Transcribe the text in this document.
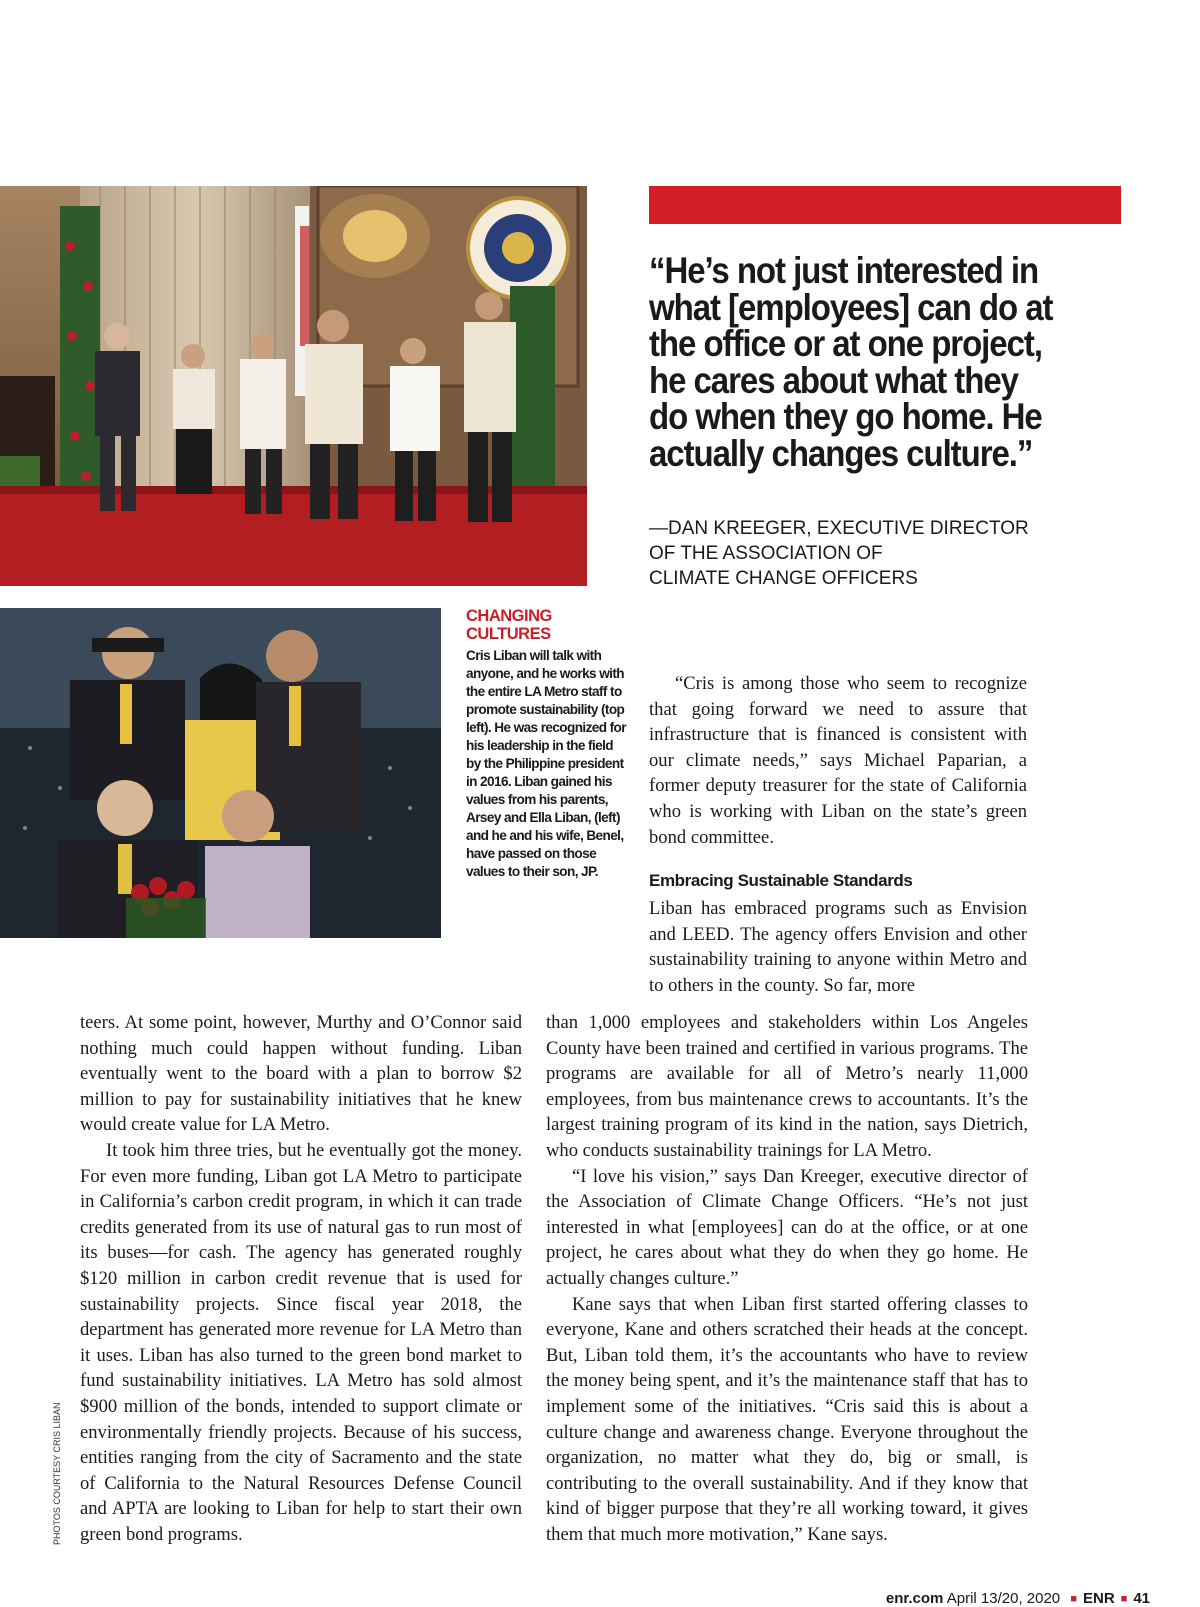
“He’s not just interested in what [employees] can do at the office or at one project, he cares about what they do when they go home. He actually changes culture.”
—DAN KREEGER, EXECUTIVE DIRECTOR
OF THE ASSOCIATION OF
CLIMATE CHANGE OFFICERS
CHANGING
CULTURES
Cris Liban will talk with anyone, and he works with the entire LA Metro staff to promote sustainability (top left). He was recognized for his leadership in the field by the Philippine president in 2016. Liban gained his values from his parents, Arsey and Ella Liban, (left) and he and his wife, Benel, have passed on those values to their son, JP.

“Cris is among those who seem to recognize that going forward we need to assure that infrastructure that is financed is consistent with our climate needs,” says Michael Paparian, a former deputy treasurer for the state of California who is working with Liban on the state’s green bond committee.

Embracing Sustainable Standards

Liban has embraced programs such as Envision and LEED. The agency offers Envision and other sustainability training to anyone within Metro and to others in the county. So far, more

teers. At some point, however, Murthy and O’Connor said nothing much could happen without funding. Liban eventually went to the board with a plan to borrow $2 million to pay for sustainability initiatives that he knew would create value for LA Metro.

It took him three tries, but he eventually got the money. For even more funding, Liban got LA Metro to participate in California’s carbon credit program, in which it can trade credits generated from its use of natural gas to run most of its buses—for cash. The agency has generated roughly $120 million in carbon credit revenue that is used for sustainability projects. Since fiscal year 2018, the department has generated more revenue for LA Metro than it uses. Liban has also turned to the green bond market to fund sustainability initiatives. LA Metro has sold almost $900 million of the bonds, intended to support climate or environmentally friendly projects. Because of his success, entities ranging from the city of Sacramento and the state of California to the Natural Resources Defense Council and APTA are looking to Liban for help to start their own green bond programs.

than 1,000 employees and stakeholders within Los Angeles County have been trained and certified in various programs. The programs are available for all of Metro’s nearly 11,000 employees, from bus maintenance crews to accountants. It’s the largest training program of its kind in the nation, says Dietrich, who conducts sustainability trainings for LA Metro.

“I love his vision,” says Dan Kreeger, executive director of the Association of Climate Change Officers. “He’s not just interested in what [employees] can do at the office, or at one project, he cares about what they do when they go home. He actually changes culture.”

Kane says that when Liban first started offering classes to everyone, Kane and others scratched their heads at the concept. But, Liban told them, it’s the accountants who have to review the money being spent, and it’s the maintenance staff that has to implement some of the initiatives. “Cris said this is about a culture change and awareness change. Everyone throughout the organization, no matter what they do, big or small, is contributing to the overall sustainability. And if they know that kind of bigger purpose that they’re all working toward, it gives them that much more motivation,” Kane says.

PHOTOS COURTESY CRIS LIBAN
enr.com April 13/20, 2020 ■ ENR ■ 41
